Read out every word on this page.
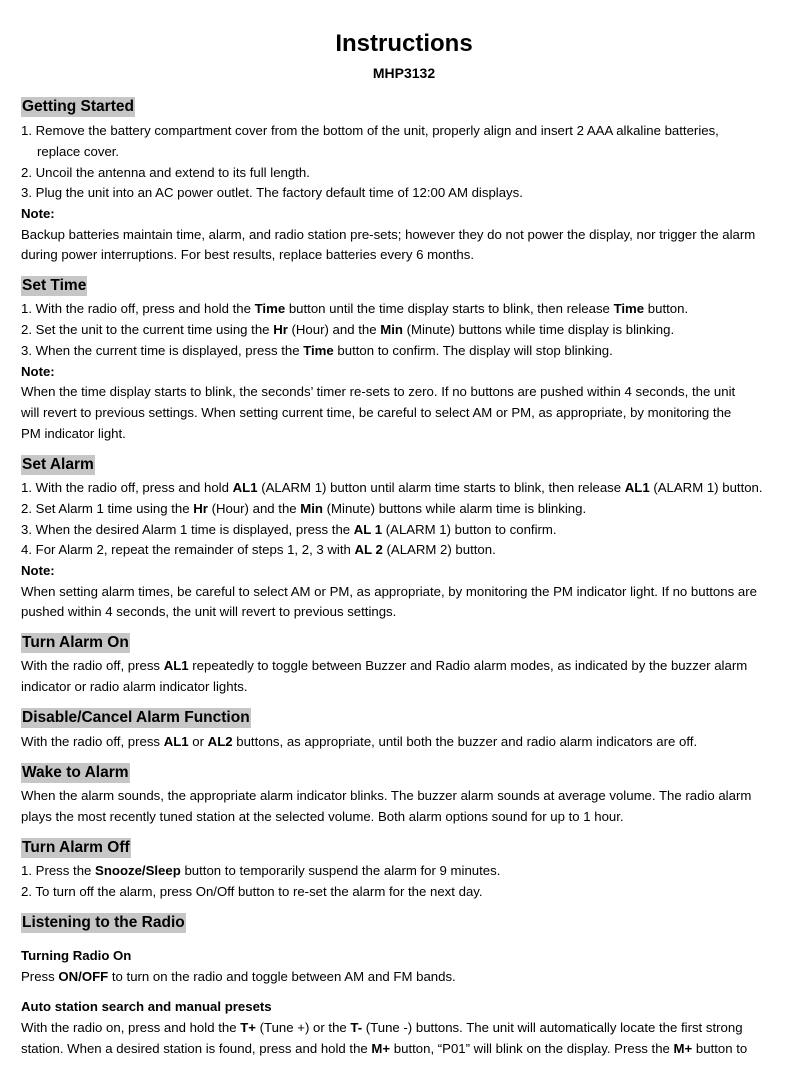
Instructions
MHP3132
Getting Started
1. Remove the battery compartment cover from the bottom of the unit, properly align and insert 2 AAA alkaline batteries,
replace cover.
2. Uncoil the antenna and extend to its full length.
3. Plug the unit into an AC power outlet. The factory default time of 12:00 AM displays.
Note:
Backup batteries maintain time, alarm, and radio station pre-sets; however they do not power the display, nor trigger the alarm
during power interruptions. For best results, replace batteries every 6 months.
Set Time
1. With the radio off, press and hold the Time button until the time display starts to blink, then release Time button.
2. Set the unit to the current time using the Hr (Hour) and the Min (Minute) buttons while time display is blinking.
3. When the current time is displayed, press the Time button to confirm. The display will stop blinking.
Note:
When the time display starts to blink, the seconds’ timer re-sets to zero. If no buttons are pushed within 4 seconds, the unit
will revert to previous settings. When setting current time, be careful to select AM or PM, as appropriate, by monitoring the
PM indicator light.
Set Alarm
1. With the radio off, press and hold AL1 (ALARM 1) button until alarm time starts to blink, then release AL1 (ALARM 1) button.
2. Set Alarm 1 time using the Hr (Hour) and the Min (Minute) buttons while alarm time is blinking.
3. When the desired Alarm 1 time is displayed, press the AL 1 (ALARM 1) button to confirm.
4. For Alarm 2, repeat the remainder of steps 1, 2, 3 with AL 2 (ALARM 2) button.
Note:
When setting alarm times, be careful to select AM or PM, as appropriate, by monitoring the PM indicator light. If no buttons are
pushed within 4 seconds, the unit will revert to previous settings.
Turn Alarm On
With the radio off, press AL1 repeatedly to toggle between Buzzer and Radio alarm modes, as indicated by the buzzer alarm
indicator or radio alarm indicator lights.
Disable/Cancel Alarm Function
With the radio off, press AL1 or AL2 buttons, as appropriate, until both the buzzer and radio alarm indicators are off.
Wake to Alarm
When the alarm sounds, the appropriate alarm indicator blinks. The buzzer alarm sounds at average volume. The radio alarm
plays the most recently tuned station at the selected volume. Both alarm options sound for up to 1 hour.
Turn Alarm Off
1. Press the Snooze/Sleep button to temporarily suspend the alarm for 9 minutes.
2. To turn off the alarm, press On/Off button to re-set the alarm for the next day.
Listening to the Radio
Turning Radio On
Press ON/OFF to turn on the radio and toggle between AM and FM bands.
Auto station search and manual presets
With the radio on, press and hold the T+ (Tune +) or the T- (Tune -) buttons. The unit will automatically locate the first strong
station. When a desired station is found, press and hold the M+ button, “P01” will blink on the display. Press the M+ button to
